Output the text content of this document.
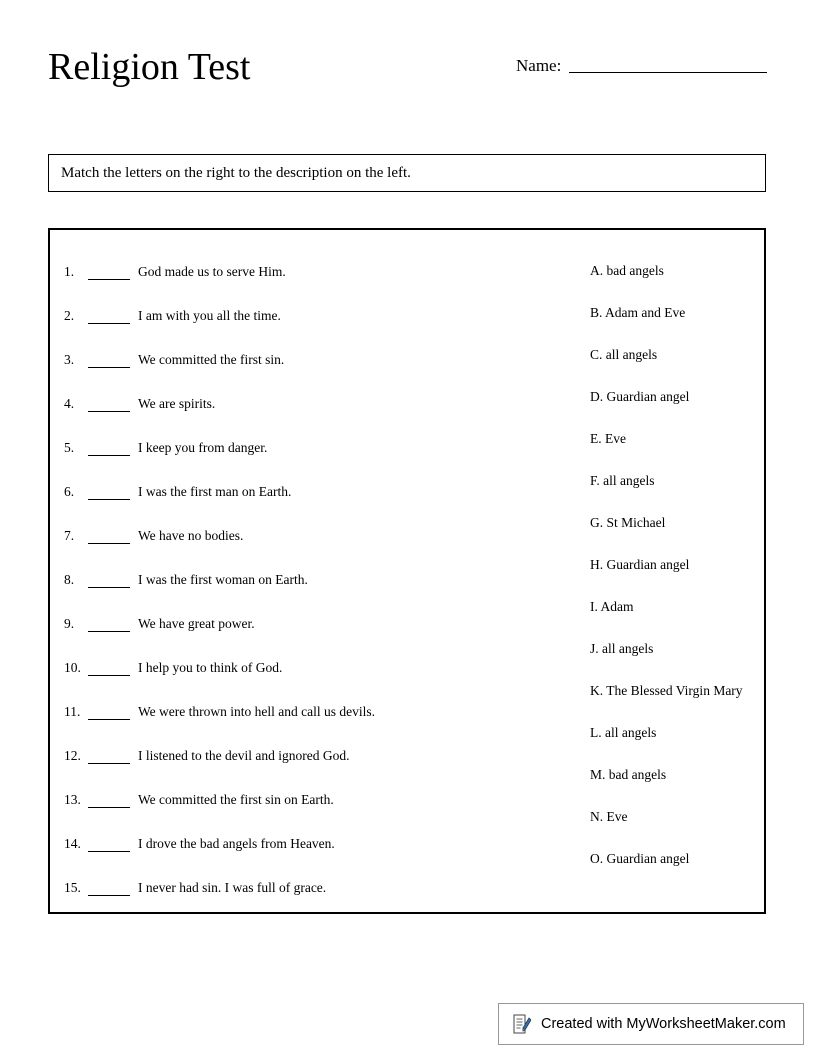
Religion Test	Name:
Match the letters on the right to the description on the left.
1.	God made us to serve Him.
2.	I am with you all the time.
3.	We committed the first sin.
4.	We are spirits.
5.	I keep you from danger.
6.	I was the first man on Earth.
7.	We have no bodies.
8.	I was the first woman on Earth.
9.	We have great power.
10.	I help you to think of God.
11.	We were thrown into hell and call us devils.
12.	I listened to the devil and ignored God.
13.	We committed the first sin on Earth.
14.	I drove the bad angels from Heaven.
15.	I never had sin. I was full of grace.
A. bad angels
B. Adam and Eve
C. all angels
D. Guardian angel
E. Eve
F. all angels
G. St Michael
H. Guardian angel
I. Adam
J. all angels
K. The Blessed Virgin Mary
L. all angels
M. bad angels
N. Eve
O. Guardian angel
Created with MyWorksheetMaker.com
